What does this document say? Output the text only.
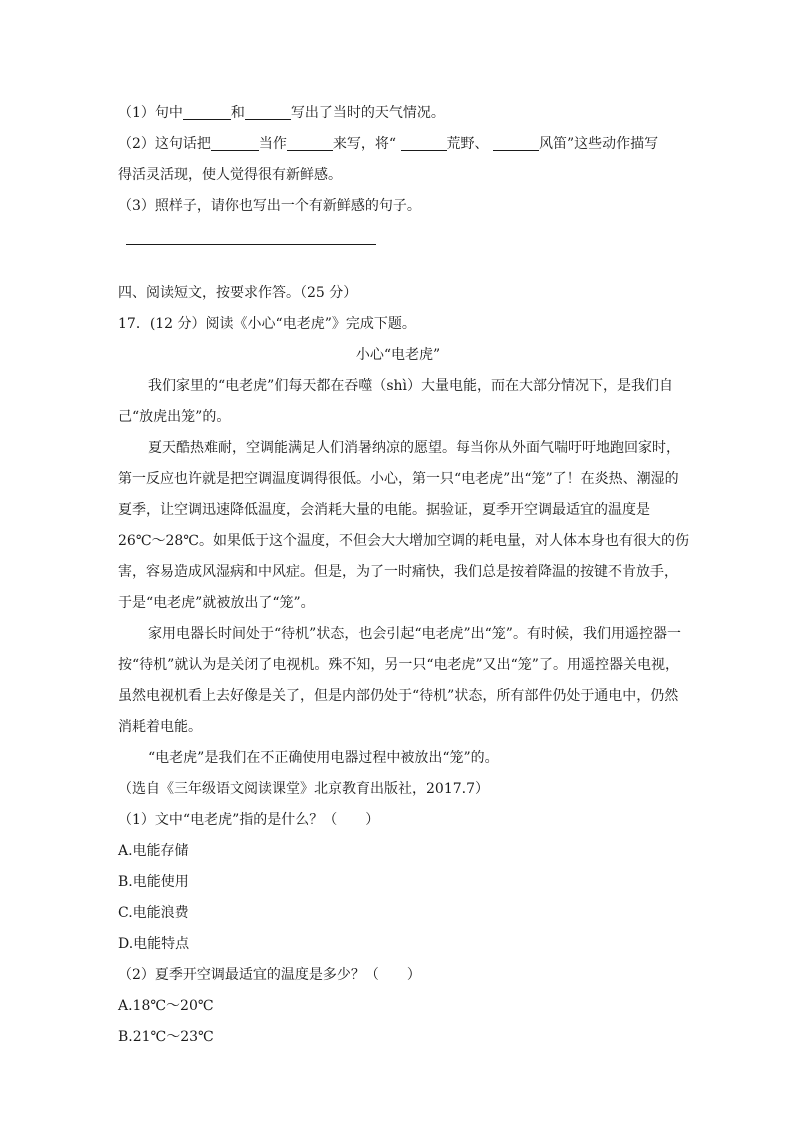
（1）句中	和	写出了当时的天气情况。
（2）这句话把	当作	来写，将“	荒野、	风笛”这些动作描写
得活灵活现，使人觉得很有新鲜感。
（3）照样子，请你也写出一个有新鲜感的句子。
四、阅读短文，按要求作答。（25 分）
17．(12 分）阅读《小心“电老虎”》完成下题。
小心“电老虎”
我们家里的“电老虎”们每天都在吞噬（shì）大量电能，而在大部分情况下，是我们自
己“放虎出笼”的。
夏天酷热难耐，空调能满足人们消暑纳凉的愿望。每当你从外面气喘吁吁地跑回家时，
第一反应也许就是把空调温度调得很低。小心，第一只“电老虎”出“笼”了！在炎热、潮湿的
夏季，让空调迅速降低温度，会消耗大量的电能。据验证，夏季开空调最适宜的温度是
26℃～28℃。如果低于这个温度，不但会大大增加空调的耗电量，对人体本身也有很大的伤
害，容易造成风湿病和中风症。但是，为了一时痛快，我们总是按着降温的按键不肯放手，
于是“电老虎”就被放出了“笼”。
家用电器长时间处于“待机”状态，也会引起“电老虎”出“笼”。有时候，我们用遥控器一
按“待机”就认为是关闭了电视机。殊不知，另一只“电老虎”又出“笼”了。用遥控器关电视，
虽然电视机看上去好像是关了，但是内部仍处于“待机”状态，所有部件仍处于通电中，仍然
消耗着电能。
“电老虎”是我们在不正确使用电器过程中被放出“笼”的。
（选自《三年级语文阅读课堂》北京教育出版社，2017.7）
（1）文中“电老虎”指的是什么？（　　）
A.电能存储
B.电能使用
C.电能浪费
D.电能特点
（2）夏季开空调最适宜的温度是多少？（　　）
A.18℃～20℃
B.21℃～23℃
